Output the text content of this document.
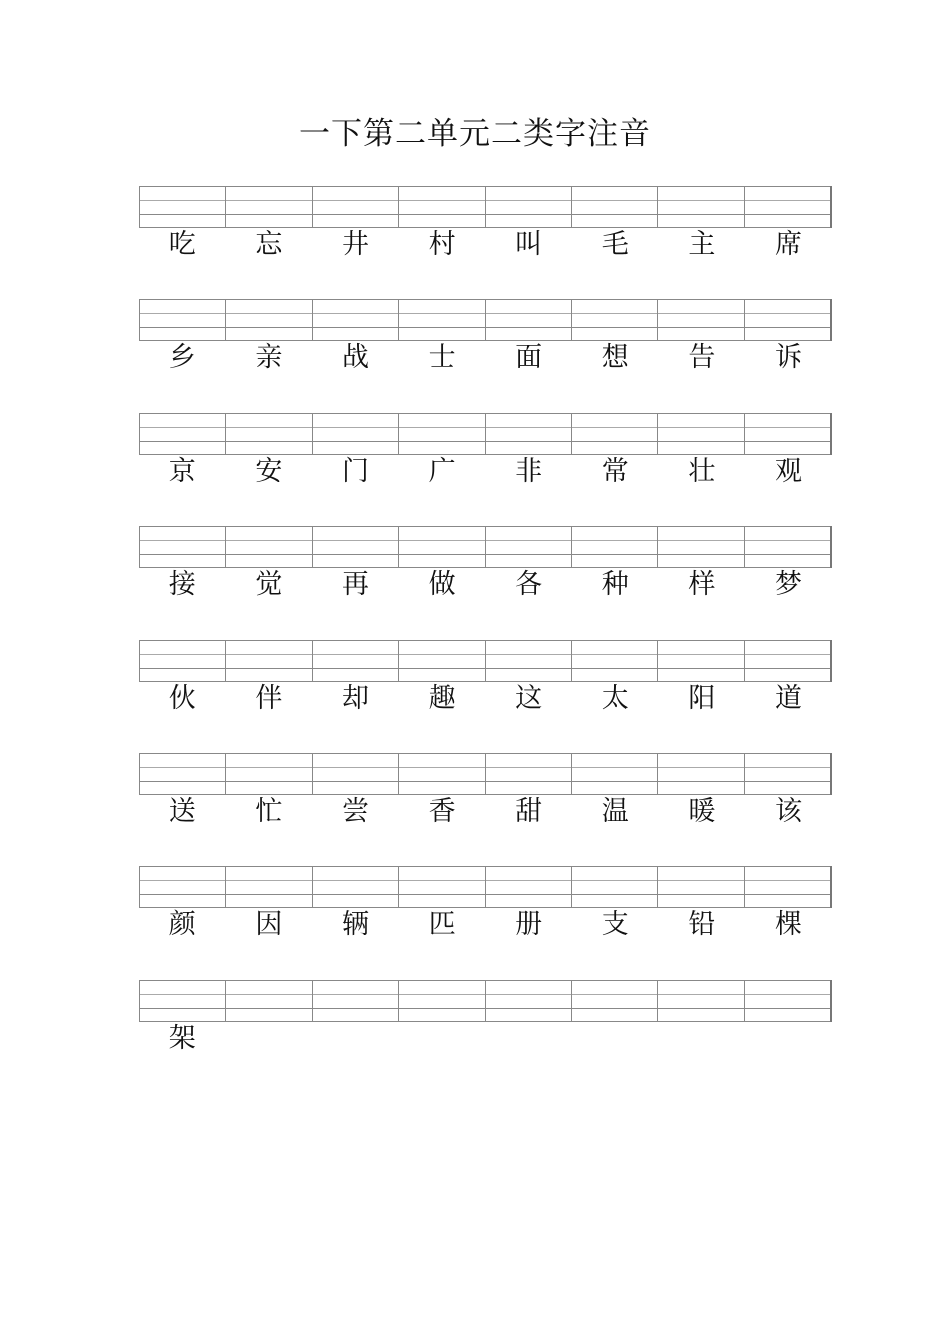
一下第二单元二类字注音
吃	忘	井	村	叫	毛	主	席
乡	亲	战	士	面	想	告	诉
京	安	门	广	非	常	壮	观
接	觉	再	做	各	种	样	梦
伙	伴	却	趣	这	太	阳	道
送	忙	尝	香	甜	温	暖	该
颜	因	辆	匹	册	支	铅	棵
架
